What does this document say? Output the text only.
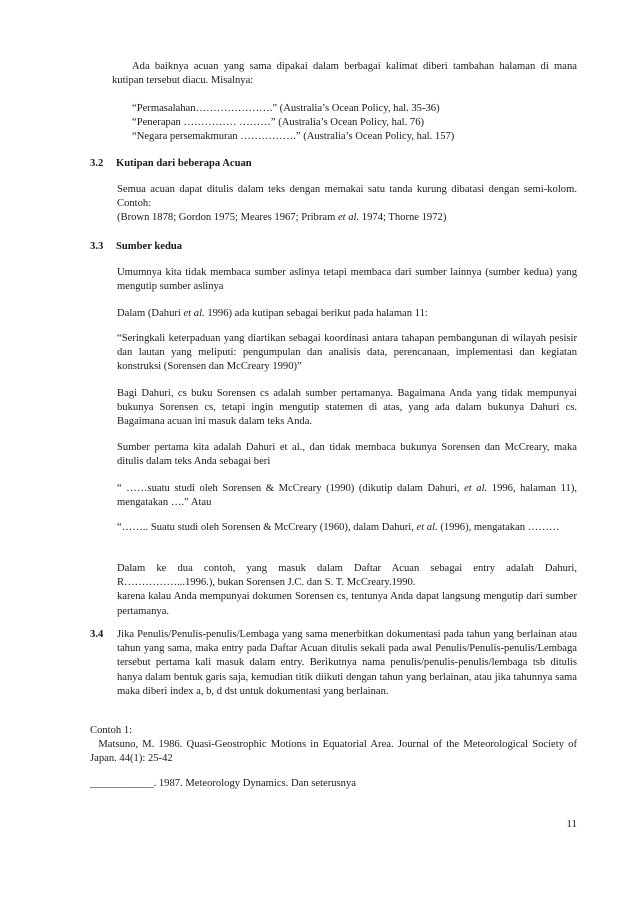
Ada baiknya acuan yang sama dipakai dalam berbagai kalimat diberi tambahan halaman di mana kutipan tersebut diacu. Misalnya:

“Permasalahan………………….” (Australia’s Ocean Policy, hal. 35-36)
“Penerapan …………… ………” (Australia’s Ocean Policy, hal. 76)
“Negara persemakmuran …………….” (Australia’s Ocean Policy, hal. 157)
3.2 Kutipan dari beberapa Acuan

Semua acuan dapat ditulis dalam teks dengan memakai satu tanda kurung dibatasi dengan semi-kolom. Contoh:

(Brown 1878; Gordon 1975; Meares 1967; Pribram et al. 1974; Thorne 1972)
3.3 Sumber kedua

Umumnya kita tidak membaca sumber aslinya tetapi membaca dari sumber lainnya (sumber kedua) yang mengutip sumber aslinya

Dalam (Dahuri et al. 1996) ada kutipan sebagai berikut pada halaman 11:

“Seringkali keterpaduan yang diartikan sebagai koordinasi antara tahapan pembangunan di wilayah pesisir dan lautan yang meliputi: pengumpulan dan analisis data, perencanaan, implementasi dan kegiatan konstruksi (Sorensen dan McCreary 1990)”

Bagi Dahuri, cs buku Sorensen cs adalah sumber pertamanya. Bagaimana Anda yang tidak mempunyai bukunya Sorensen cs, tetapi ingin mengutip statemen di atas, yang ada dalam bukunya Dahuri cs. Bagaimana acuan ini masuk dalam teks Anda.

Sumber pertama kita adalah Dahuri et al., dan tidak membaca bukunya Sorensen dan McCreary, maka ditulis dalam teks Anda sebagai beri

“ ……suatu studi oleh Sorensen & McCreary (1990) (dikutip dalam Dahuri, et al. 1996, halaman 11), mengatakan ….” Atau

“…….. Suatu studi oleh Sorensen & McCreary (1960), dalam Dahuri, et al. (1996), mengatakan ………

Dalam ke dua contoh, yang masuk dalam Daftar Acuan sebagai entry adalah Dahuri,
R……………...1996.), bukan Sorensen J.C. dan S. T. McCreary.1990.
karena kalau Anda mempunyai dokumen Sorensen cs, tentunya Anda dapat langsung mengutip dari sumber pertamanya.
3.4 Jika Penulis/Penulis-penulis/Lembaga yang sama menerbitkan dokumentasi pada tahun yang berlainan atau tahun yang sama, maka entry pada Daftar Acuan ditulis sekali pada awal Penulis/Penulis-penulis/Lembaga tersebut pertama kali masuk dalam entry. Berikutnya nama penulis/penulis-penulis/lembaga tsb ditulis hanya dalam bentuk garis saja, kemudian titik diikuti dengan tahun yang berlainan, atau jika tahunnya sama maka diberi index a, b, d dst untuk dokumentasi yang berlainan.

Contoh 1:

Matsuno, M. 1986. Quasi-Geostrophic Motions in Equatorial Area. Journal of the Meteorological Society of Japan. 44(1): 25-42

____________. 1987. Meteorology Dynamics. Dan seterusnya
11
